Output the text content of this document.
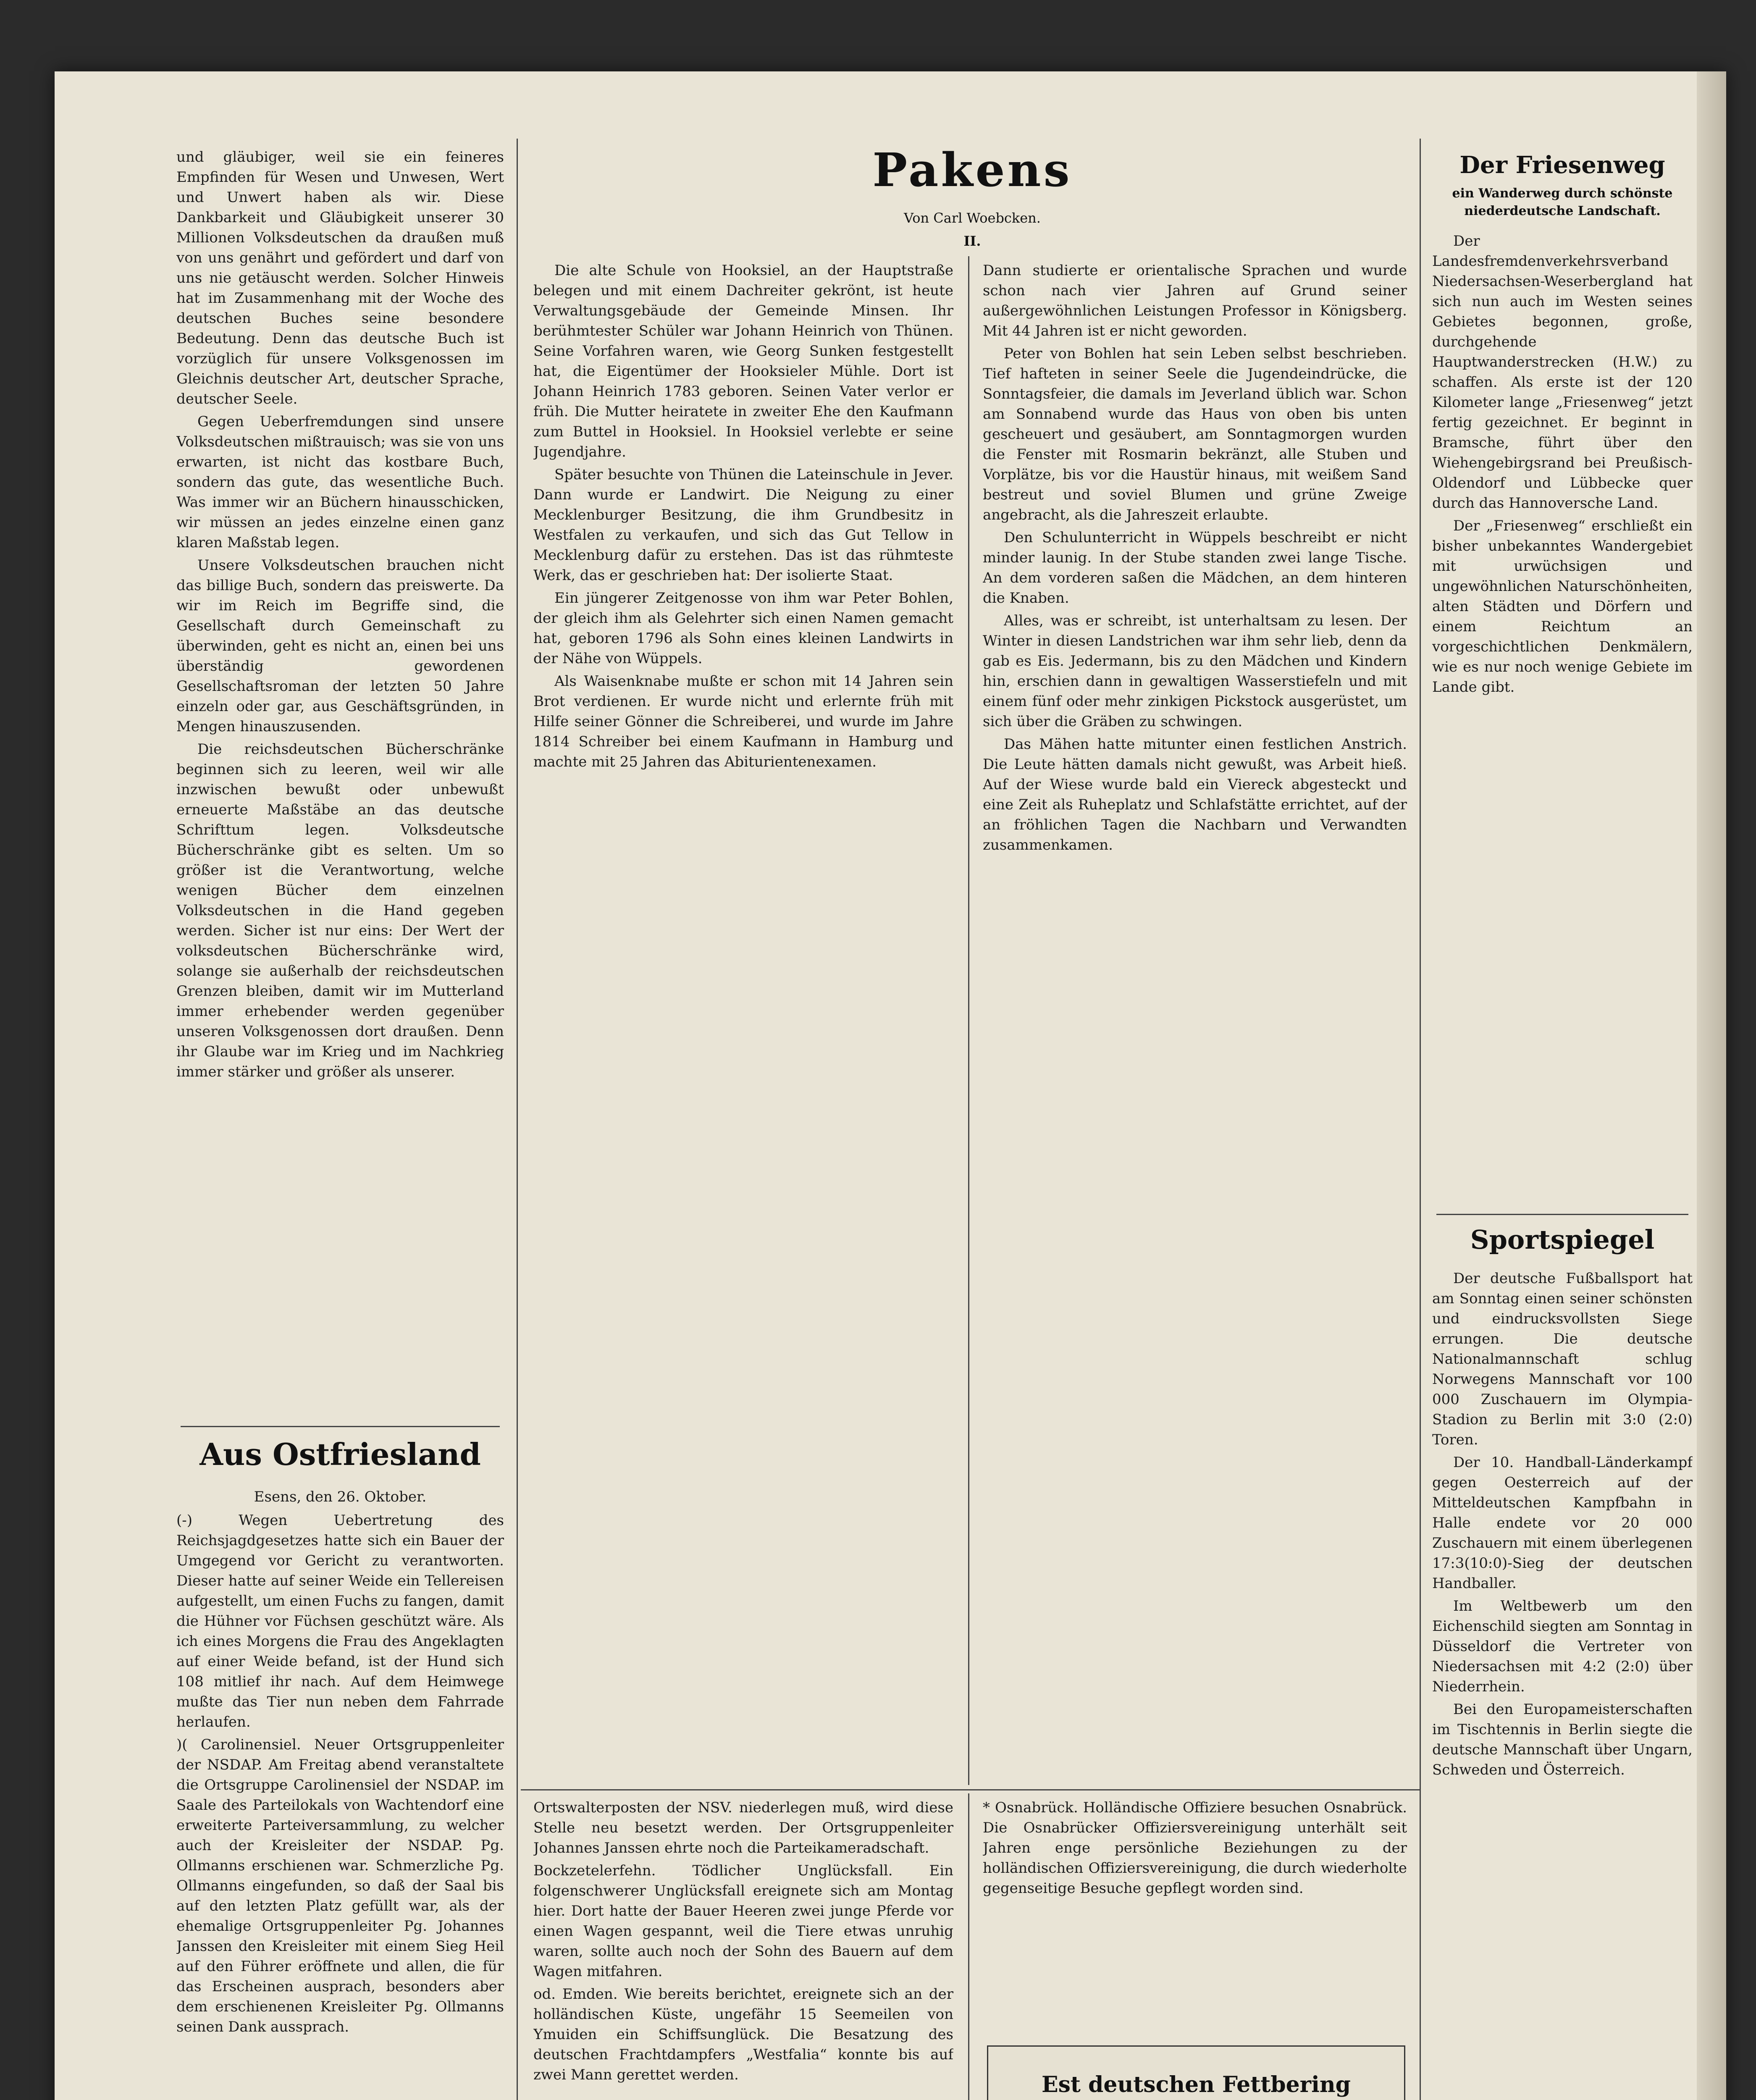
und gläubiger, weil sie ein feineres Empfinden für Wesen und Unwesen, Wert und Unwert haben als wir. Diese Dankbarkeit und Gläubigkeit unserer 30 Millionen Volksdeutschen da draußen muß von uns genährt und gefördert und darf von uns nie getäuscht werden. Solcher Hinweis hat im Zusammenhang mit der Woche des deutschen Buches seine besondere Bedeutung. Denn das deutsche Buch ist vorzüglich für unsere Volksgenossen im Gleichnis deutscher Art, deutscher Sprache, deutscher Seele.

Gegen Ueberfremdungen sind unsere Volksdeutschen mißtrauisch; was sie von uns erwarten, ist nicht das kostbare Buch, sondern das gute, das wesentliche Buch. Was immer wir an Büchern hinausschicken, wir müssen an jedes einzelne einen ganz klaren Maßstab legen.

Unsere Volksdeutschen brauchen nicht das billige Buch, sondern das preiswerte. Da wir im Reich im Begriffe sind, die Gesellschaft durch Gemeinschaft zu überwinden, geht es nicht an, einen bei uns überständig gewordenen Gesellschaftsroman der letzten 50 Jahre einzeln oder gar, aus Geschäftsgründen, in Mengen hinauszusenden.

Die reichsdeutschen Bücherschränke beginnen sich zu leeren, weil wir alle inzwischen bewußt oder unbewußt erneuerte Maßstäbe an das deutsche Schrifttum legen. Volksdeutsche Bücherschränke gibt es selten. Um so größer ist die Verantwortung, welche wenigen Bücher dem einzelnen Volksdeutschen in die Hand gegeben werden. Sicher ist nur eins: Der Wert der volksdeutschen Bücherschränke wird, solange sie außerhalb der reichsdeutschen Grenzen bleiben, damit wir im Mutterland immer erhebender werden gegenüber unseren Volksgenossen dort draußen. Denn ihr Glaube war im Krieg und im Nachkrieg immer stärker und größer als unserer.

Aus Ostfriesland
Esens, den 26. Oktober.

(-) Wegen Uebertretung des Reichsjagdgesetzes hatte sich ein Bauer der Umgegend vor Gericht zu verantworten. Dieser hatte auf seiner Weide ein Tellereisen aufgestellt, um einen Fuchs zu fangen, damit die Hühner vor Füchsen geschützt wäre. Als ich eines Morgens die Frau des Angeklagten auf einer Weide befand, ist der Hund sich 108 mitlief ihr nach. Auf dem Heimwege mußte das Tier nun neben dem Fahrrade herlaufen.

)( Carolinensiel. Neuer Ortsgruppenleiter der NSDAP. Am Freitag abend veranstaltete die Ortsgruppe Carolinensiel der NSDAP. im Saale des Parteilokals von Wachtendorf eine erweiterte Parteiversammlung, zu welcher auch der Kreisleiter der NSDAP. Pg. Ollmanns erschienen war. Schmerzliche Pg. Ollmanns eingefunden, so daß der Saal bis auf den letzten Platz gefüllt war, als der ehemalige Ortsgruppenleiter Pg. Johannes Janssen den Kreisleiter mit einem Sieg Heil auf den Führer eröffnete und allen, die für das Erscheinen ausprach, besonders aber dem erschienenen Kreisleiter Pg. Ollmanns seinen Dank aussprach.

Pakens
Von Carl Woebcken.
II.

Die alte Schule von Hooksiel, an der Hauptstraße belegen und mit einem Dachreiter gekrönt, ist heute Verwaltungsgebäude der Gemeinde Minsen. Ihr berühmtester Schüler war Johann Heinrich von Thünen. Seine Vorfahren waren, wie Georg Sunken festgestellt hat, die Eigentümer der Hooksieler Mühle. Dort ist Johann Heinrich 1783 geboren. Seinen Vater verlor er früh. Die Mutter heiratete in zweiter Ehe den Kaufmann zum Buttel in Hooksiel. In Hooksiel verlebte er seine Jugendjahre.

Später besuchte von Thünen die Lateinschule in Jever. Dann wurde er Landwirt. Die Neigung zu einer Mecklenburger Besitzung, die ihm Grundbesitz in Westfalen zu verkaufen, und sich das Gut Tellow in Mecklenburg dafür zu erstehen. Das ist das rühmteste Werk, das er geschrieben hat: Der isolierte Staat.

Ein jüngerer Zeitgenosse von ihm war Peter Bohlen, der gleich ihm als Gelehrter sich einen Namen gemacht hat, geboren 1796 als Sohn eines kleinen Landwirts in der Nähe von Wüppels.

Als Waisenknabe mußte er schon mit 14 Jahren sein Brot verdienen. Er wurde nicht und erlernte früh mit Hilfe seiner Gönner die Schreiberei, und wurde im Jahre 1814 Schreiber bei einem Kaufmann in Hamburg und machte mit 25 Jahren das Abiturientenexamen.

Dann studierte er orientalische Sprachen und wurde schon nach vier Jahren auf Grund seiner außergewöhnlichen Leistungen Professor in Königsberg. Mit 44 Jahren ist er nicht geworden.

Peter von Bohlen hat sein Leben selbst beschrieben. Tief hafteten in seiner Seele die Jugendeindrücke, die Sonntagsfeier, die damals im Jeverland üblich war. Schon am Sonnabend wurde das Haus von oben bis unten gescheuert und gesäubert, am Sonntagmorgen wurden die Fenster mit Rosmarin bekränzt, alle Stuben und Vorplätze, bis vor die Haustür hinaus, mit weißem Sand bestreut und soviel Blumen und grüne Zweige angebracht, als die Jahreszeit erlaubte.

Den Schulunterricht in Wüppels beschreibt er nicht minder launig. In der Stube standen zwei lange Tische. An dem vorderen saßen die Mädchen, an dem hinteren die Knaben.

Alles, was er schreibt, ist unterhaltsam zu lesen. Der Winter in diesen Landstrichen war ihm sehr lieb, denn da gab es Eis. Jedermann, bis zu den Mädchen und Kindern hin, erschien dann in gewaltigen Wasserstiefeln und mit einem fünf oder mehr zinkigen Pickstock ausgerüstet, um sich über die Gräben zu schwingen.

Das Mähen hatte mitunter einen festlichen Anstrich. Die Leute hätten damals nicht gewußt, was Arbeit hieß. Auf der Wiese wurde bald ein Viereck abgesteckt und eine Zeit als Ruheplatz und Schlafstätte errichtet, auf der an fröhlichen Tagen die Nachbarn und Verwandten zusammenkamen.

Der Friesenweg
ein Wanderweg durch schönste niederdeutsche Landschaft.

Der Landesfremdenverkehrsverband Niedersachsen-Weserbergland hat sich nun auch im Westen seines Gebietes begonnen, große, durchgehende Hauptwanderstrecken (H.W.) zu schaffen. Als erste ist der 120 Kilometer lange „Friesenweg“ jetzt fertig gezeichnet. Er beginnt in Bramsche, führt über den Wiehengebirgsrand bei Preußisch-Oldendorf und Lübbecke quer durch das Hannoversche Land.

Der „Friesenweg“ erschließt ein bisher unbekanntes Wandergebiet mit urwüchsigen und ungewöhnlichen Naturschönheiten, alten Städten und Dörfern und einem Reichtum an vorgeschichtlichen Denkmälern, wie es nur noch wenige Gebiete im Lande gibt.

Sportspiegel

Der deutsche Fußballsport hat am Sonntag einen seiner schönsten und eindrucksvollsten Siege errungen. Die deutsche Nationalmannschaft schlug Norwegens Mannschaft vor 100 000 Zuschauern im Olympia-Stadion zu Berlin mit 3:0 (2:0) Toren.

Der 10. Handball-Länderkampf gegen Oesterreich auf der Mitteldeutschen Kampfbahn in Halle endete vor 20 000 Zuschauern mit einem überlegenen 17:3(10:0)-Sieg der deutschen Handballer.

Im Weltbewerb um den Eichenschild siegten am Sonntag in Düsseldorf die Vertreter von Niedersachsen mit 4:2 (2:0) über Niederrhein.

Bei den Europameisterschaften im Tischtennis in Berlin siegte die deutsche Mannschaft über Ungarn, Schweden und Österreich.

Ortswalterposten der NSV. niederlegen muß, wird diese Stelle neu besetzt werden. Der Ortsgruppenleiter Johannes Janssen ehrte noch die Parteikameradschaft.

Bockzetelerfehn. Tödlicher Unglücksfall. Ein folgenschwerer Unglücksfall ereignete sich am Montag hier. Dort hatte der Bauer Heeren zwei junge Pferde vor einen Wagen gespannt, weil die Tiere etwas unruhig waren, sollte auch noch der Sohn des Bauern auf dem Wagen mitfahren.

od. Emden. Wie bereits berichtet, ereignete sich an der holländischen Küste, ungefähr 15 Seemeilen von Ymuiden ein Schiffsunglück. Die Besatzung des deutschen Frachtdampfers „Westfalia“ konnte bis auf zwei Mann gerettet werden.

* Osnabrück. Holländische Offiziere besuchen Osnabrück. Die Osnabrücker Offiziersvereinigung unterhält seit Jahren enge persönliche Beziehungen zu der holländischen Offiziersvereinigung, die durch wiederholte gegenseitige Besuche gepflegt worden sind.

Est deutschen Fettbering
